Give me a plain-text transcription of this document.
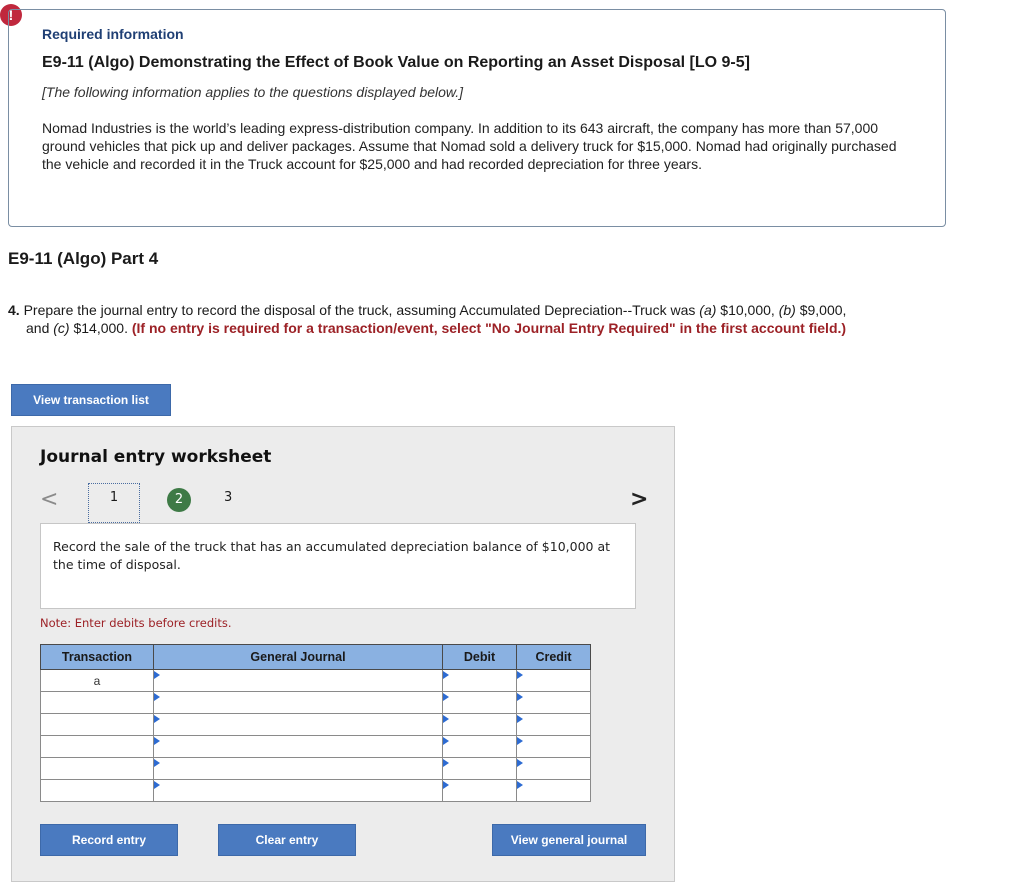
!
Required information
E9-11 (Algo) Demonstrating the Effect of Book Value on Reporting an Asset Disposal [LO 9-5]
[The following information applies to the questions displayed below.]
Nomad Industries is the world’s leading express-distribution company. In addition to its 643 aircraft, the company has more than 57,000 ground vehicles that pick up and deliver packages. Assume that Nomad sold a delivery truck for $15,000. Nomad had originally purchased the vehicle and recorded it in the Truck account for $25,000 and had recorded depreciation for three years.
E9-11 (Algo) Part 4
4. Prepare the journal entry to record the disposal of the truck, assuming Accumulated Depreciation--Truck was (a) $10,000, (b) $9,000,
and (c) $14,000. (If no entry is required for a transaction/event, select "No Journal Entry Required" in the first account field.)
View transaction list
Journal entry worksheet
<	1	2	3	>
Record the sale of the truck that has an accumulated depreciation balance of $10,000 at the time of disposal.
Note: Enter debits before credits.
Transaction	General Journal	Debit	Credit
a	

Record entry	Clear entry	View general journal
